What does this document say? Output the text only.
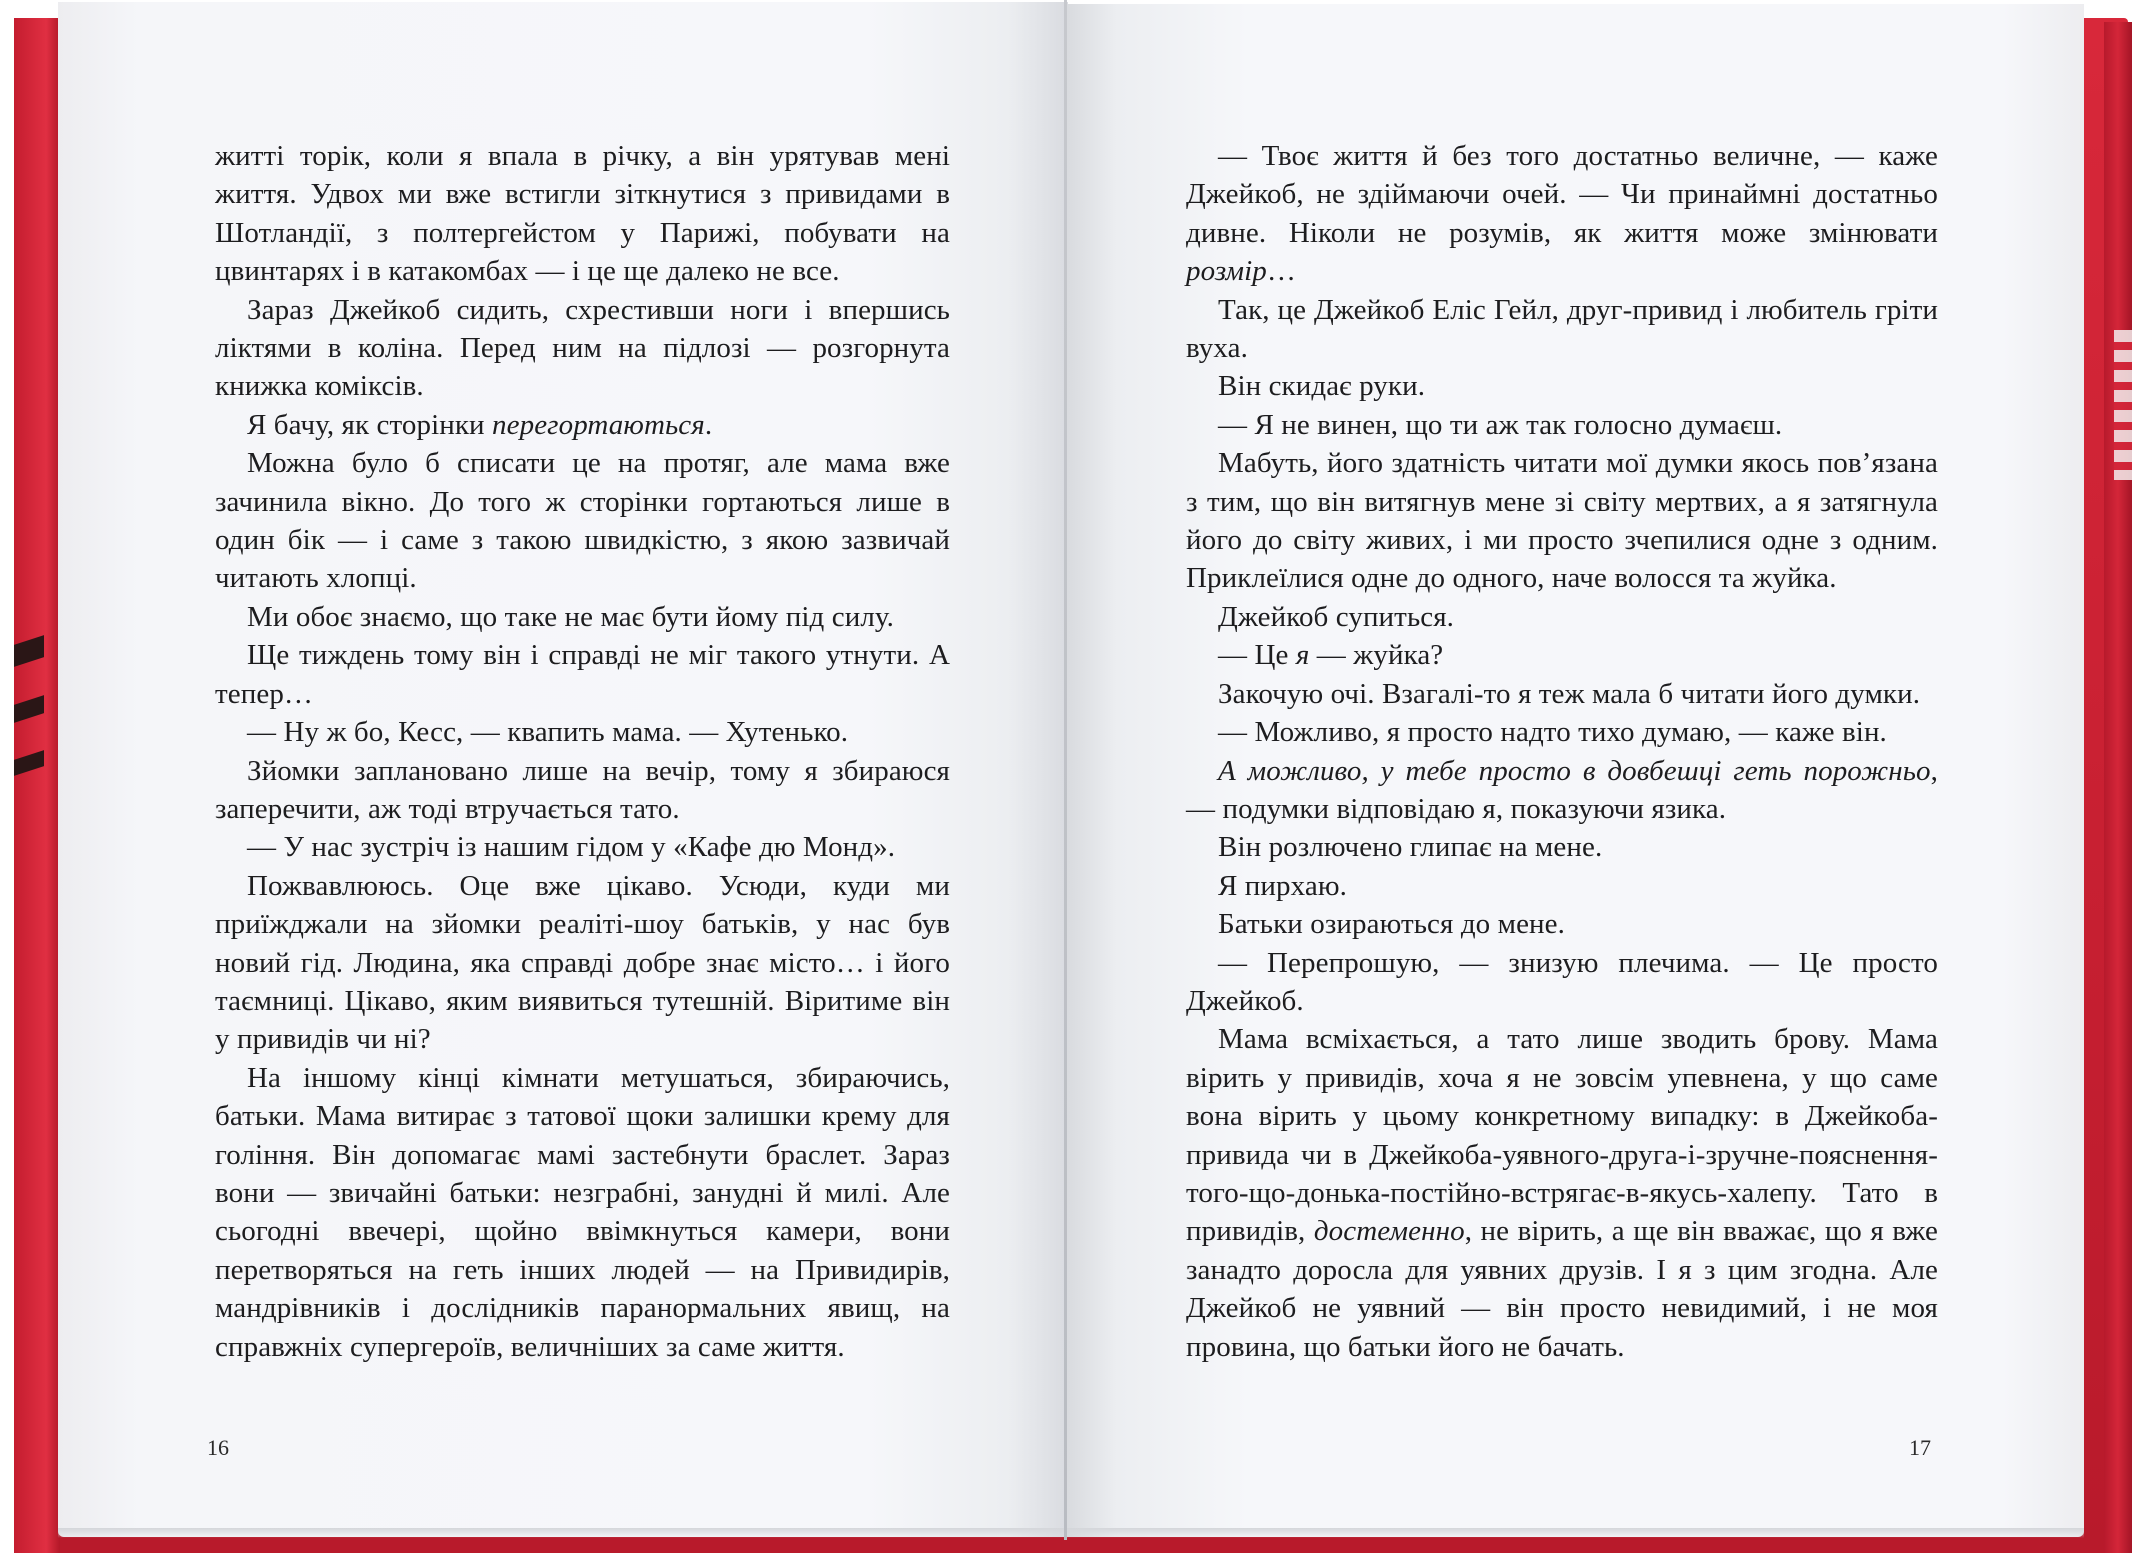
житті торік, коли я впала в річку, а він урятував мені життя. Удвох ми вже встигли зіткнутися з привидами в Шотландії, з полтергейстом у Парижі, побувати на цвинтарях і в катакомбах — і це ще далеко не все.

Зараз Джейкоб сидить, схрестивши ноги і впершись ліктями в коліна. Перед ним на підлозі — розгорнута книжка коміксів.

Я бачу, як сторінки перегортаються.

Можна було б списати це на протяг, але мама вже зачинила вікно. До того ж сторінки гортаються лише в один бік — і саме з такою швидкістю, з якою зазвичай читають хлопці.

Ми обоє знаємо, що таке не має бути йому під силу.

Ще тиждень тому він і справді не міг такого утнути. А тепер…

— Ну ж бо, Кесс, — квапить мама. — Хутенько.

Зйомки заплановано лише на вечір, тому я збираюся заперечити, аж тоді втручається тато.

— У нас зустріч із нашим гідом у «Кафе дю Монд».

Пожвавлююсь. Оце вже цікаво. Усюди, куди ми приїжджали на зйомки реаліті-шоу батьків, у нас був новий гід. Людина, яка справді добре знає місто… і його таємниці. Цікаво, яким виявиться тутешній. Віритиме він у привидів чи ні?

На іншому кінці кімнати метушаться, збираючись, батьки. Мама витирає з татової щоки залишки крему для гоління. Він допомагає мамі застебнути браслет. Зараз вони — звичайні батьки: незграбні, занудні й милі. Але сьогодні ввечері, щойно ввімкнуться камери, вони перетворяться на геть інших людей — на Привидирів, мандрівників і дослідників паранормальних явищ, на справжніх супергероїв, величніших за саме життя.

16

— Твоє життя й без того достатньо величне, — каже Джейкоб, не здіймаючи очей. — Чи принаймні достатньо дивне. Ніколи не розумів, як життя може змінювати розмір…

Так, це Джейкоб Еліс Гейл, друг-привид і любитель гріти вуха.

Він скидає руки.

— Я не винен, що ти аж так голосно думаєш.

Мабуть, його здатність читати мої думки якось пов’язана з тим, що він витягнув мене зі світу мертвих, а я затягнула його до світу живих, і ми просто зчепилися одне з одним. Приклеїлися одне до одного, наче волосся та жуйка.

Джейкоб супиться.

— Це я — жуйка?

Закочую очі. Взагалі-то я теж мала б читати його думки.

— Можливо, я просто надто тихо думаю, — каже він.

А можливо, у тебе просто в довбешці геть порожньо, — подумки відповідаю я, показуючи язика.

Він розлючено глипає на мене.

Я пирхаю.

Батьки озираються до мене.

— Перепрошую, — знизую плечима. — Це просто Джейкоб.

Мама всміхається, а тато лише зводить брову. Мама вірить у привидів, хоча я не зовсім упевнена, у що саме вона вірить у цьому конкретному випадку: в Джейкоба-привида чи в Джейкоба-уявного-друга-і-зручне-пояснення-того-що-донька-постійно-встрягає-в-якусь-халепу. Тато в привидів, достеменно, не вірить, а ще він вважає, що я вже занадто доросла для уявних друзів. І я з цим згодна. Але Джейкоб не уявний — він просто невидимий, і не моя провина, що батьки його не бачать.

17
